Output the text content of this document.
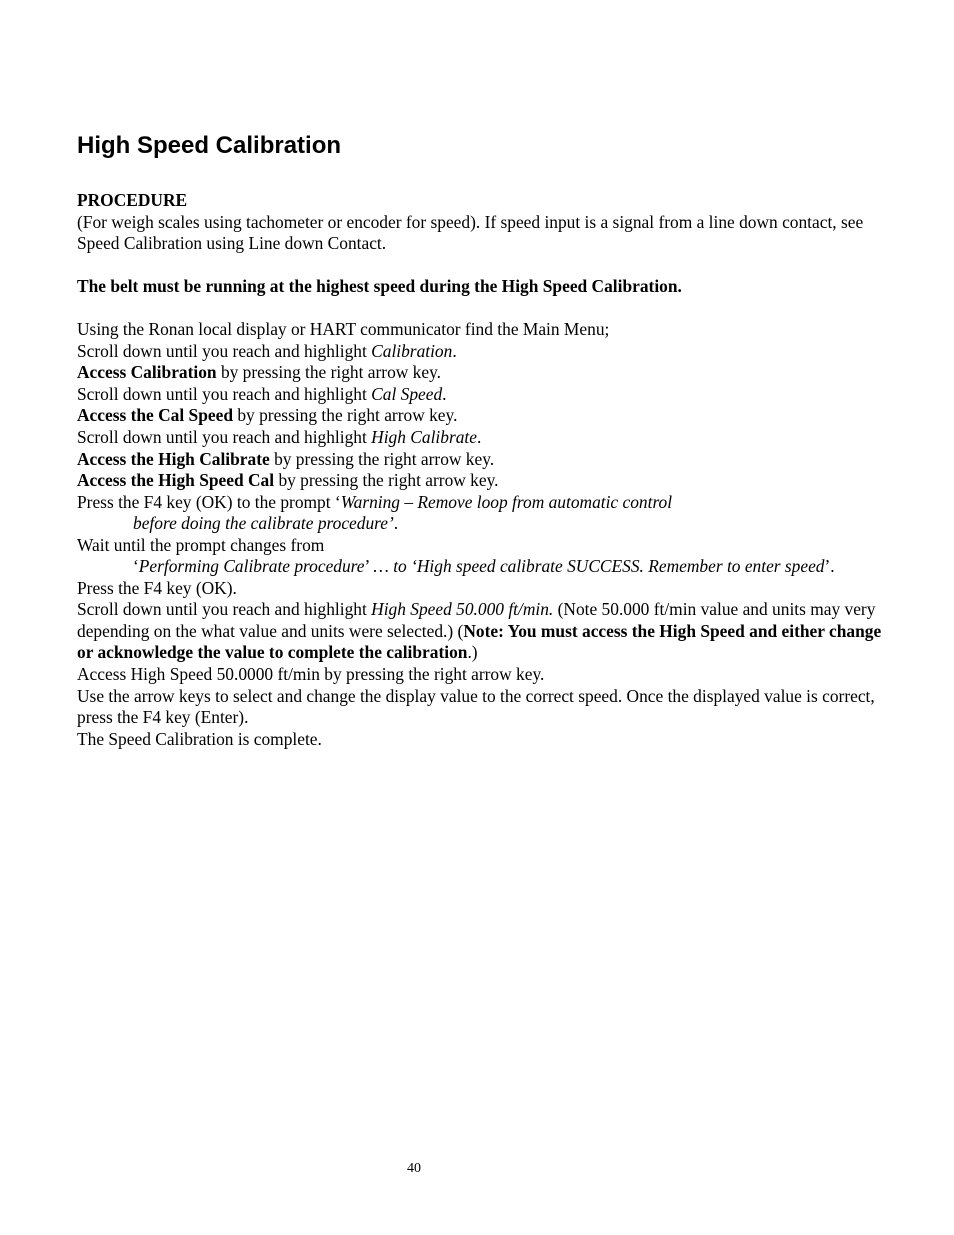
High Speed Calibration

PROCEDURE

(For weigh scales using tachometer or encoder for speed). If speed input is a signal from a line down contact, see Speed Calibration using Line down Contact.

The belt must be running at the highest speed during the High Speed Calibration.

Using the Ronan local display or HART communicator find the Main Menu;

Scroll down until you reach and highlight Calibration.

Access Calibration by pressing the right arrow key.

Scroll down until you reach and highlight Cal Speed.

Access the Cal Speed by pressing the right arrow key.

Scroll down until you reach and highlight High Calibrate.

Access the High Calibrate by pressing the right arrow key.

Access the High Speed Cal by pressing the right arrow key.

Press the F4 key (OK) to the prompt ‘Warning – Remove loop from automatic control

before doing the calibrate procedure’.

Wait until the prompt changes from

‘Performing Calibrate procedure’ … to ‘High speed calibrate SUCCESS. Remember to enter speed’.

Press the F4 key (OK).

Scroll down until you reach and highlight High Speed 50.000 ft/min. (Note 50.000 ft/min value and units may very depending on the what value and units were selected.) (Note: You must access the High Speed and either change or acknowledge the value to complete the calibration.)

Access High Speed 50.0000 ft/min by pressing the right arrow key.

Use the arrow keys to select and change the display value to the correct speed. Once the displayed value is correct, press the F4 key (Enter).

The Speed Calibration is complete.

40
